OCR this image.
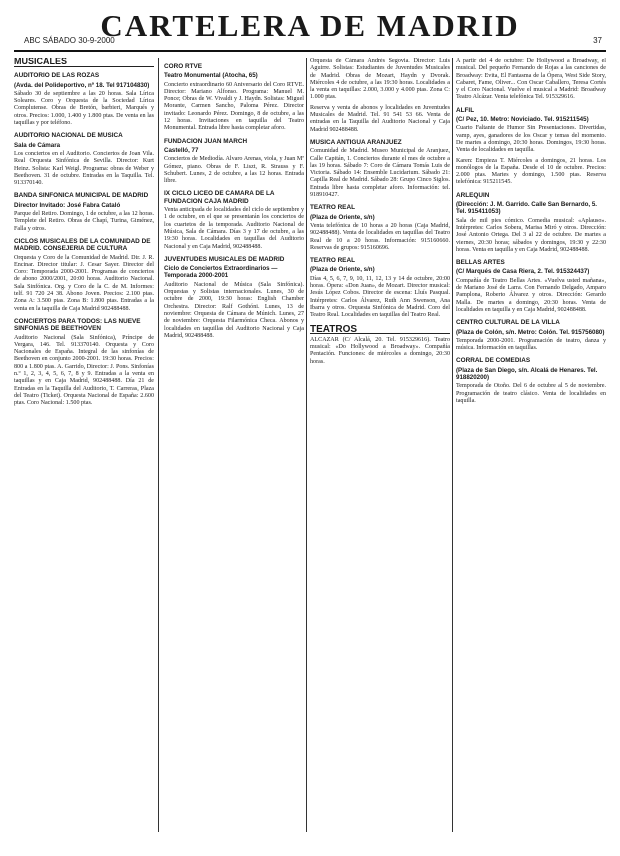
ABC SÁBADO 30-9-2000
CARTELERA DE MADRID	37
MUSICALES
AUDITORIO DE LAS ROZAS
(Avda. del Polideportivo, nº 18. Tel 917104830)
Sábado 30 de septiembre a las 20 horas. Sala Lírica Soleares. Coro y Orquesta de la Sociedad Lírica Complutense. Obras de Bretón, barbieri, Marqués y otros. Precios: 1.000, 1.400 y 1.800 ptas. De venta en las taquillas y por teléfono.
AUDITORIO NACIONAL DE MUSICA
Sala de Cámara
Los conciertos en el Auditorio. Conciertos de Joan Vila. Real Orquesta Sinfónica de Sevilla. Director: Kurt Heinz. Solista: Karl Weigl. Programa: obras de Weber y Beethoven. 31 de octubre. Entradas en la Taquilla. Tel. 913370140.
BANDA SINFONICA MUNICIPAL DE MADRID
Director Invitado: José Fabra Cataló
Parque del Retiro. Domingo, 1 de octubre, a las 12 horas. Templete del Retiro. Obras de Chapí, Turina, Giménez, Falla y otros.
CICLOS MUSICALES DE LA COMUNIDAD DE MADRID. CONSEJERIA DE CULTURA
Orquesta y Coro de la Comunidad de Madrid. Dir. J. R. Encinar. Director titular: J. Cesar Sayer. Director del Coro: Temporada 2000-2001. Programas de conciertos de abono 2000/2001, 20:00 horas. Auditorio Nacional. Sala Sinfónica. Org. y Coro de la C. de M. Informes: telf. 91 720 24 38. Abono Joven. Precios: 2.100 ptas. Zona A: 3.500 ptas. Zona B: 1.800 ptas. Entradas a la venta en la taquilla de Caja Madrid 902488488.
CONCIERTOS PARA TODOS: LAS NUEVE SINFONIAS DE BEETHOVEN
Auditorio Nacional (Sala Sinfónica), Príncipe de Vergara, 146. Tel. 913370140. Orquesta y Coro Nacionales de España. Integral de las sinfonías de Beethoven en conjunto 2000-2001. 19:30 horas. Precios: 800 a 1.800 ptas. A. Garrido, Director: J. Pons. Sinfonías n.º 1, 2, 3, 4, 5, 6, 7, 8 y 9. Entradas a la venta en taquillas y en Caja Madrid, 902488488. Día 21 de Entradas en la Taquilla del Auditorio, T. Carreras, Plaza del Teatro (Ticket). Orquesta Nacional de España: 2.600 ptas. Coro Nacional: 1.500 ptas.
CORO RTVE
Teatro Monumental (Atocha, 65)
Concierto extraordinario 60 Aniversario del Coro RTVE. Director: Mariano Alfonso. Programa: Manuel M. Ponce; Obras de W. Vivaldi y J. Haydn. Solistas: Miguel Morante, Carmen Sancho, Paloma Pérez. Director invitado: Leonardo Pérez. Domingo, 8 de octubre, a las 12 horas. Invitaciones en taquilla del Teatro Monumental. Entrada libre hasta completar aforo.
FUNDACION JUAN MARCH
Castelló, 77
Conciertos de Mediodía. Alvaro Arenas, viola, y Juan Mª Gómez, piano. Obras de F. Liszt, R. Strauss y F. Schubert. Lunes, 2 de octubre, a las 12 horas. Entrada libre.
IX CICLO LICEO DE CAMARA DE LA FUNDACION CAJA MADRID
Venta anticipada de localidades del ciclo de septiembre y 1 de octubre, en el que se presentarán los conciertos de los cuartetos de la temporada. Auditorio Nacional de Música, Sala de Cámara. Días 3 y 17 de octubre, a las 19:30 horas. Localidades en taquillas del Auditorio Nacional y en Caja Madrid, 902488488.
JUVENTUDES MUSICALES DE MADRID
Ciclo de Conciertos Extraordinarios — Temporada 2000-2001
Auditorio Nacional de Música (Sala Sinfónica). Orquestas y Solistas internacionales. Lunes, 30 de octubre de 2000, 19:30 horas: English Chamber Orchestra. Director: Ralf Gothóni. Lunes, 13 de noviembre: Orquesta de Cámara de Múnich. Lunes, 27 de noviembre: Orquesta Filarmónica Checa. Abonos y localidades en taquillas del Auditorio Nacional y Caja Madrid, 902488488.
Orquesta de Cámara Andrés Segovia. Director: Luis Aguirre. Solistas: Estudiantes de Juventudes Musicales de Madrid. Obras de Mozart, Haydn y Dvorak. Miércoles 4 de octubre, a las 19:30 horas. Localidades a la venta en taquillas: 2.000, 3.000 y 4.000 ptas. Zona C: 1.000 ptas.
Reserva y venta de abonos y localidades en Juventudes Musicales de Madrid. Tel. 91 541 53 66. Venta de entradas en la Taquilla del Auditorio Nacional y Caja Madrid 902488488.
MUSICA ANTIGUA ARANJUEZ
Comunidad de Madrid. Museo Municipal de Aranjuez, Calle Capitán, 1. Conciertos durante el mes de octubre a las 19 horas. Sábado 7: Coro de Cámara Tomás Luis de Victoria. Sábado 14: Ensemble Lucidarium. Sábado 21: Capilla Real de Madrid. Sábado 28: Grupo Cinco Siglos. Entrada libre hasta completar aforo. Información: tel. 918910427.
TEATRO REAL
(Plaza de Oriente, s/n)
Venta telefónica de 10 horas a 20 horas (Caja Madrid, 902488488). Venta de localidades en taquillas del Teatro Real de 10 a 20 horas. Información: 915160660. Reservas de grupos: 915160696.
TEATRO REAL
(Plaza de Oriente, s/n)
Días 4, 5, 6, 7, 9, 10, 11, 12, 13 y 14 de octubre, 20:00 horas. Ópera: «Don Juan», de Mozart. Director musical: Jesús López Cobos. Director de escena: Lluís Pasqual. Intérpretes: Carlos Álvarez, Ruth Ann Swenson, Ana Ibarra y otros. Orquesta Sinfónica de Madrid. Coro del Teatro Real. Localidades en taquillas del Teatro Real.
TEATROS
ALCAZAR (C/ Alcalá, 20. Tel. 915329616). Teatro musical: «Do Hollywood a Broadway». Compañía Pentación. Funciones: de miércoles a domingo, 20:30 horas.
A partir del 4 de octubre: De Hollywood a Broadway, el musical. Del pequeño Fernando de Rojas a las canciones de Broadway: Evita, El Fantasma de la Ópera, West Side Story, Cabaret, Fame, Oliver... Con Oscar Caballero, Teresa Cortés y el Coro Nacional. Vuelve el musical a Madrid: Broadway Teatro Alcázar. Venta telefónica Tel. 915329616.
ALFIL
(C/ Pez, 10. Metro: Noviciado. Tel. 915211545)
Cuarto Faltante de Humor Sin Presentaciones. Divertidas, vamp, ayes, ganadores de los Oscar y temas del momento. De martes a domingo, 20:30 horas. Domingos, 19:30 horas. Venta de localidades en taquilla.
Karen: Empieza T. Miércoles a domingos, 21 horas. Los monólogos de la España. Desde el 10 de octubre. Precios: 2.000 ptas. Martes y domingo, 1.500 ptas. Reserva telefónica: 915211545.
ARLEQUIN
(Dirección: J. M. Garrido. Calle San Bernardo, 5. Tel. 915411053)
Sala de mil pies cómico. Comedia musical: «Aplauso». Intérpretes: Carlos Sobera, Marisa Miró y otros. Dirección: José Antonio Ortega. Del 3 al 22 de octubre. De martes a viernes, 20:30 horas; sábados y domingos, 19:30 y 22:30 horas. Venta en taquilla y en Caja Madrid, 902488488.
BELLAS ARTES
(C/ Marqués de Casa Riera, 2. Tel. 915324437)
Compañía de Teatro Bellas Artes. «Vuelva usted mañana», de Mariano José de Larra. Con Fernando Delgado, Amparo Pamplona, Roberto Álvarez y otros. Dirección: Gerardo Malla. De martes a domingo, 20:30 horas. Venta de localidades en taquilla y en Caja Madrid, 902488488.
CENTRO CULTURAL DE LA VILLA
(Plaza de Colón, s/n. Metro: Colón. Tel. 915756080)
Temporada 2000-2001. Programación de teatro, danza y música. Información en taquillas.
CORRAL DE COMEDIAS
(Plaza de San Diego, s/n. Alcalá de Henares. Tel. 918820200)
Temporada de Otoño. Del 6 de octubre al 5 de noviembre. Programación de teatro clásico. Venta de localidades en taquilla.
